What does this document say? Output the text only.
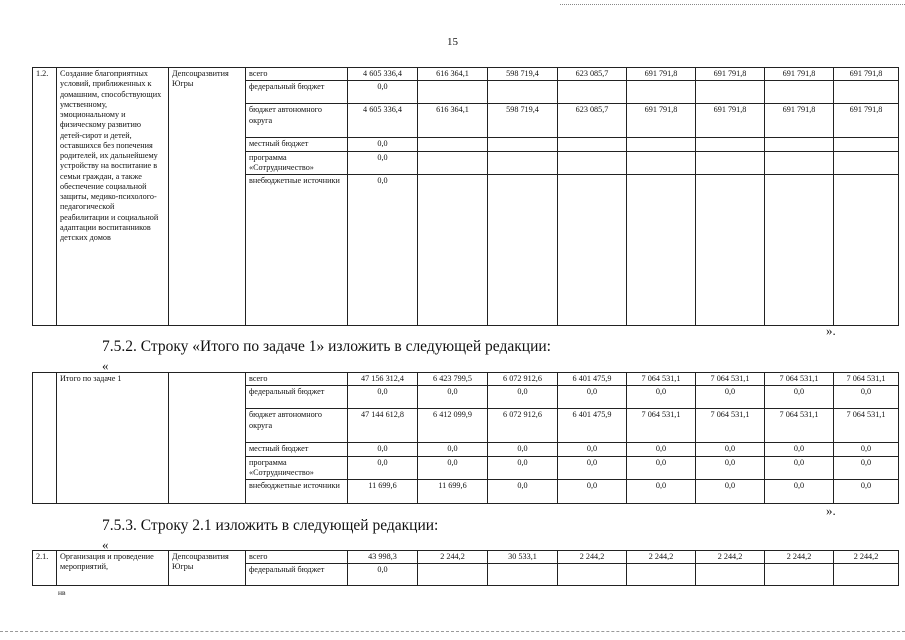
15
1.2.	Создание благоприятных условий, приближенных к домашним, способствующих умственному, эмоциональному и физическому развитию детей-сирот и детей, оставшихся без попечения родителей, их дальнейшему устройству на воспитание в семьи граждан, а также обеспечение социальной защиты, медико-психолого-педагогической реабилитации и социальной адаптации воспитанников детских домов	Депсоцразвития Югры	всего	4 605 336,4	616 364,1	598 719,4	623 085,7	691 791,8	691 791,8	691 791,8	691 791,8
			федеральный бюджет	0,0							
			бюджет автономного округа	4 605 336,4	616 364,1	598 719,4	623 085,7	691 791,8	691 791,8	691 791,8	691 791,8
			местный бюджет	0,0							
			программа «Сотрудничество»	0,0							
			внебюджетные источники	0,0							
».
7.5.2. Строку «Итого по задаче 1» изложить в следующей редакции:
«
	Итого по задаче 1		всего	47 156 312,4	6 423 799,5	6 072 912,6	6 401 475,9	7 064 531,1	7 064 531,1	7 064 531,1	7 064 531,1
			федеральный бюджет	0,0	0,0	0,0	0,0	0,0	0,0	0,0	0,0
			бюджет автономного округа	47 144 612,8	6 412 099,9	6 072 912,6	6 401 475,9	7 064 531,1	7 064 531,1	7 064 531,1	7 064 531,1
			местный бюджет	0,0	0,0	0,0	0,0	0,0	0,0	0,0	0,0
			программа «Сотрудничество»	0,0	0,0	0,0	0,0	0,0	0,0	0,0	0,0
			внебюджетные источники	11 699,6	11 699,6	0,0	0,0	0,0	0,0	0,0	0,0
».
7.5.3. Строку 2.1 изложить в следующей редакции:
«
2.1.	Организация и проведение мероприятий,	Депсоцразвития Югры	всего	43 998,3	2 244,2	30 533,1	2 244,2	2 244,2	2 244,2	2 244,2	2 244,2
			федеральный бюджет	0,0							
нв
